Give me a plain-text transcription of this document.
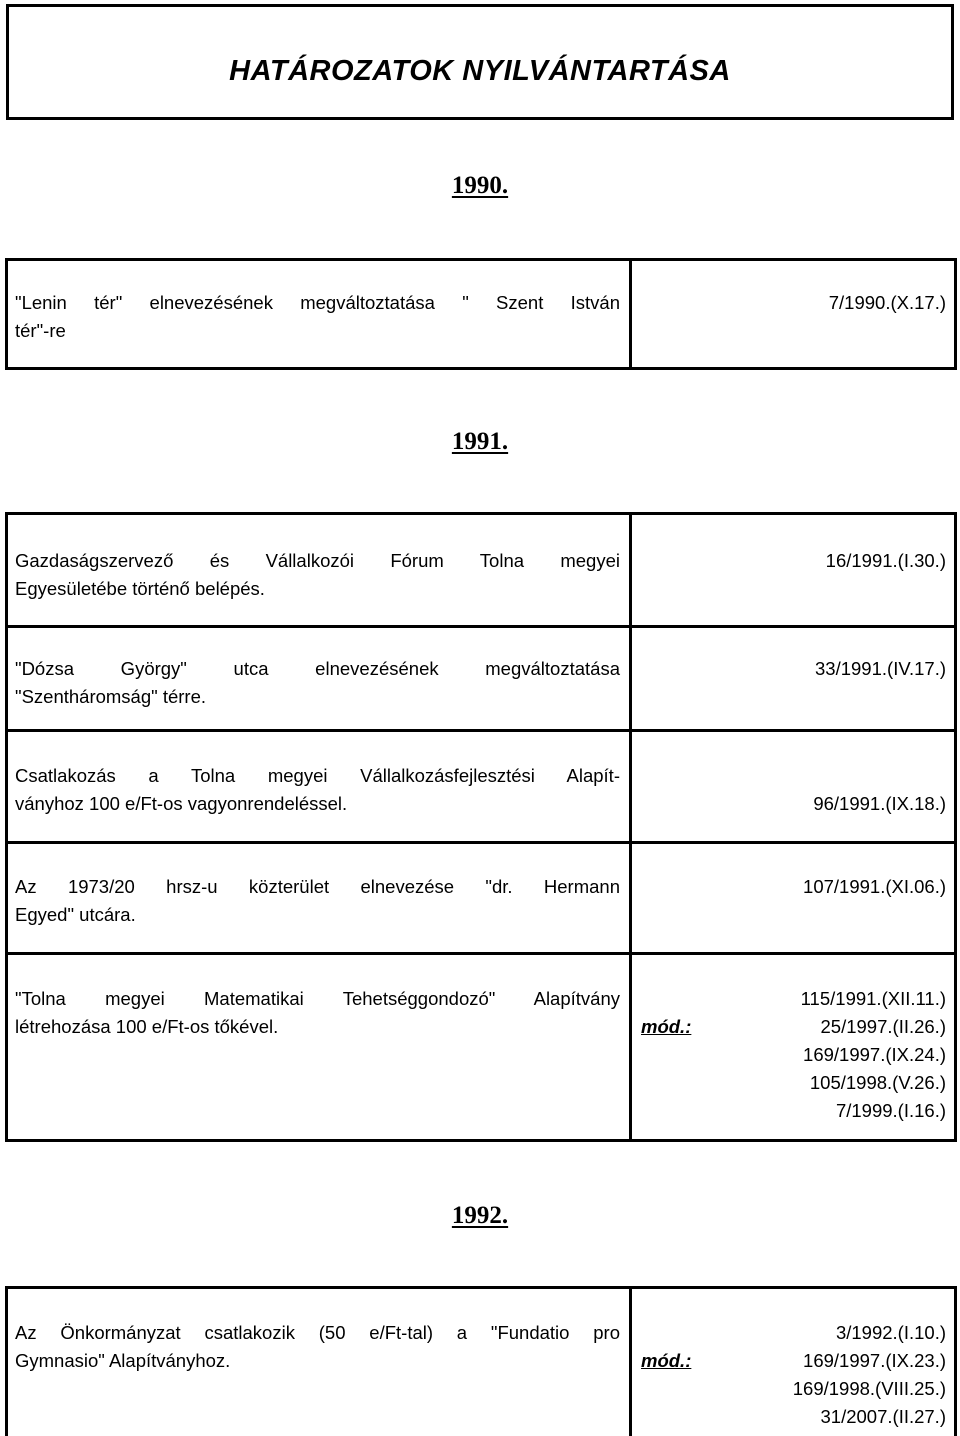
HATÁROZATOK NYILVÁNTARTÁSA
1990.
"Lenin tér" elnevezésének megváltoztatása " Szent István
tér"-re
7/1990.(X.17.)
1991.
Gazdaságszervező és Vállalkozói Fórum Tolna megyei
Egyesületébe történő belépés.
16/1991.(I.30.)
"Dózsa György" utca elnevezésének megváltoztatása
"Szentháromság" térre.
33/1991.(IV.17.)
Csatlakozás a Tolna megyei Vállalkozásfejlesztési Alapít-
ványhoz 100 e/Ft-os vagyonrendeléssel.	96/1991.(IX.18.)
Az 1973/20 hrsz-u közterület elnevezése "dr. Hermann
Egyed" utcára.
107/1991.(XI.06.)
"Tolna megyei Matematikai Tehetséggondozó" Alapítvány
létrehozása 100 e/Ft-os tőkével.	mód.:
115/1991.(XII.11.)
25/1997.(II.26.)
169/1997.(IX.24.)
105/1998.(V.26.)
7/1999.(I.16.)
1992.
Az Önkormányzat csatlakozik (50 e/Ft-tal) a "Fundatio pro
Gymnasio" Alapítványhoz.	mód.:
3/1992.(I.10.)
169/1997.(IX.23.)
169/1998.(VIII.25.)
31/2007.(II.27.)
